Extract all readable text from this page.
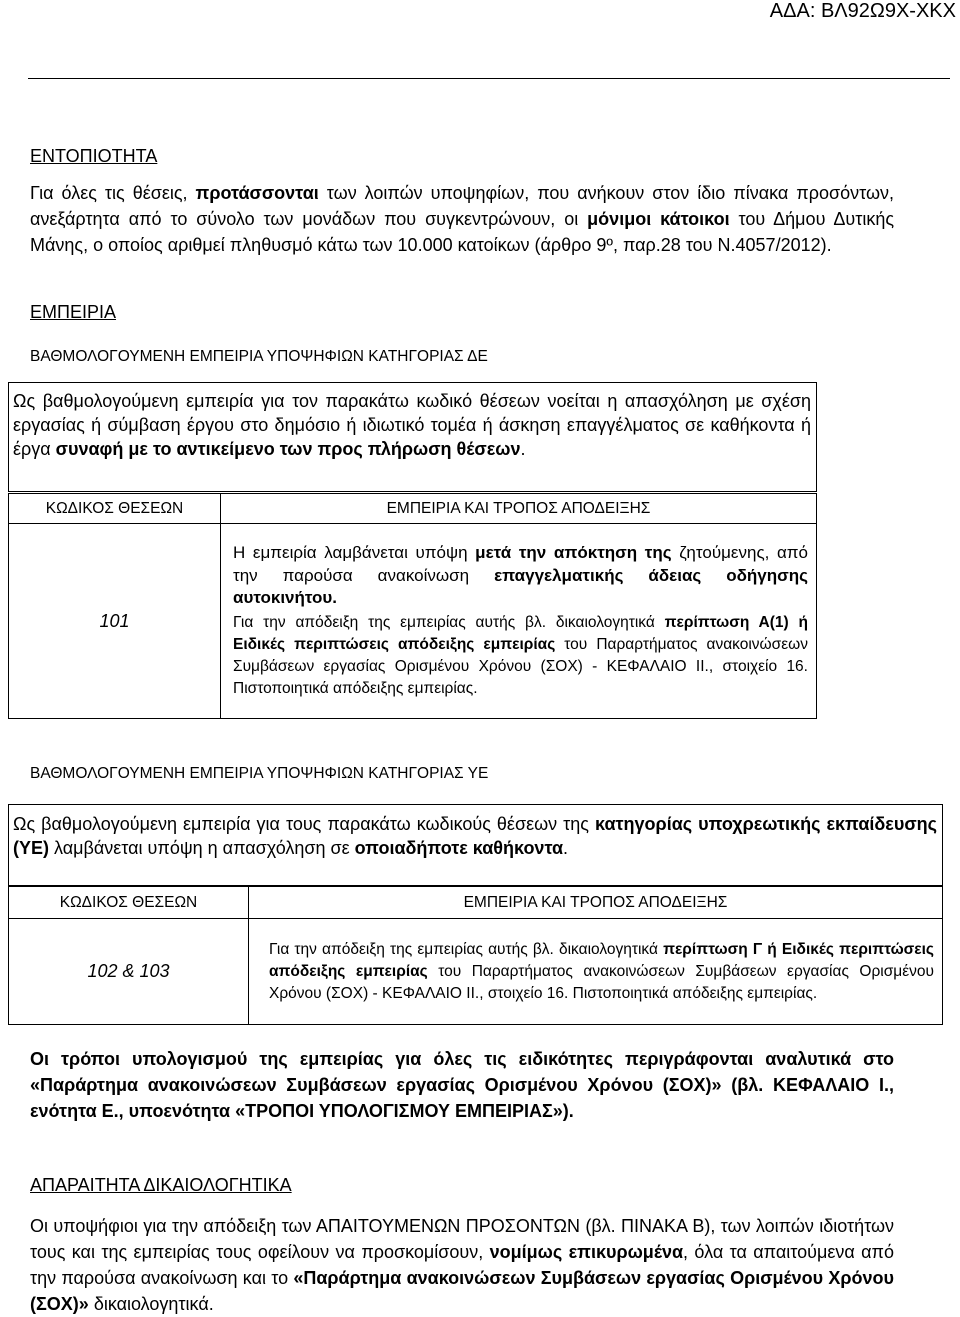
ΑΔΑ: ΒΛ92Ω9Χ-ΧΚΧ
ΕΝΤΟΠΙΟΤΗΤΑ
Για όλες τις θέσεις, προτάσσονται των λοιπών υποψηφίων, που ανήκουν στον ίδιο πίνακα προσόντων, ανεξάρτητα από το σύνολο των μονάδων που συγκεντρώνουν, οι μόνιμοι κάτοικοι του Δήμου Δυτικής Μάνης, ο οποίος αριθμεί πληθυσμό κάτω των 10.000 κατοίκων (άρθρο 9º, παρ.28 του Ν.4057/2012).
ΕΜΠΕΙΡΙΑ
ΒΑΘΜΟΛΟΓΟΥΜΕΝΗ ΕΜΠΕΙΡΙΑ ΥΠΟΨΗΦΙΩΝ ΚΑΤΗΓΟΡΙΑΣ ΔΕ
Ως βαθμολογούμενη εμπειρία για τον παρακάτω κωδικό θέσεων νοείται η απασχόληση με σχέση εργασίας ή σύμβαση έργου στο δημόσιο ή ιδιωτικό τομέα ή άσκηση επαγγέλματος σε καθήκοντα ή έργα συναφή με το αντικείμενο των προς πλήρωση θέσεων.
ΚΩΔΙΚΟΣ ΘΕΣΕΩΝ	ΕΜΠΕΙΡΙΑ ΚΑΙ ΤΡΟΠΟΣ ΑΠΟΔΕΙΞΗΣ
101	Η εμπειρία λαμβάνεται υπόψη μετά την απόκτηση της ζητούμενης, από την παρούσα ανακοίνωση επαγγελματικής άδειας οδήγησης αυτοκινήτου.
Για την απόδειξη της εμπειρίας αυτής βλ. δικαιολογητικά περίπτωση Α(1) ή Ειδικές περιπτώσεις απόδειξης εμπειρίας του Παραρτήματος ανακοινώσεων Συμβάσεων εργασίας Ορισμένου Χρόνου (ΣΟΧ) - ΚΕΦΑΛΑΙΟ ΙΙ., στοιχείο 16. Πιστοποιητικά απόδειξης εμπειρίας.
ΒΑΘΜΟΛΟΓΟΥΜΕΝΗ ΕΜΠΕΙΡΙΑ ΥΠΟΨΗΦΙΩΝ ΚΑΤΗΓΟΡΙΑΣ ΥΕ
Ως βαθμολογούμενη εμπειρία για τους παρακάτω κωδικούς θέσεων της κατηγορίας υποχρεωτικής εκπαίδευσης (ΥΕ) λαμβάνεται υπόψη η απασχόληση σε οποιαδήποτε καθήκοντα.
ΚΩΔΙΚΟΣ ΘΕΣΕΩΝ	ΕΜΠΕΙΡΙΑ ΚΑΙ ΤΡΟΠΟΣ ΑΠΟΔΕΙΞΗΣ
102 & 103	Για την απόδειξη της εμπειρίας αυτής βλ. δικαιολογητικά περίπτωση Γ ή Ειδικές περιπτώσεις απόδειξης εμπειρίας του Παραρτήματος ανακοινώσεων Συμβάσεων εργασίας Ορισμένου Χρόνου (ΣΟΧ) - ΚΕΦΑΛΑΙΟ ΙΙ., στοιχείο 16. Πιστοποιητικά απόδειξης εμπειρίας.
Οι τρόποι υπολογισμού της εμπειρίας για όλες τις ειδικότητες περιγράφονται αναλυτικά στο «Παράρτημα ανακοινώσεων Συμβάσεων εργασίας Ορισμένου Χρόνου (ΣΟΧ)» (βλ. ΚΕΦΑΛΑΙΟ Ι., ενότητα Ε., υποενότητα «ΤΡΟΠΟΙ ΥΠΟΛΟΓΙΣΜΟΥ ΕΜΠΕΙΡΙΑΣ»).
ΑΠΑΡΑΙΤΗΤΑ ΔΙΚΑΙΟΛΟΓΗΤΙΚΑ
Οι υποψήφιοι για την απόδειξη των ΑΠΑΙΤΟΥΜΕΝΩΝ ΠΡΟΣΟΝΤΩΝ (βλ. ΠΙΝΑΚΑ Β), των λοιπών ιδιοτήτων τους και της εμπειρίας τους οφείλουν να προσκομίσουν, νομίμως επικυρωμένα, όλα τα απαιτούμενα από την παρούσα ανακοίνωση και το «Παράρτημα ανακοινώσεων Συμβάσεων εργασίας Ορισμένου Χρόνου (ΣΟΧ)» δικαιολογητικά.
